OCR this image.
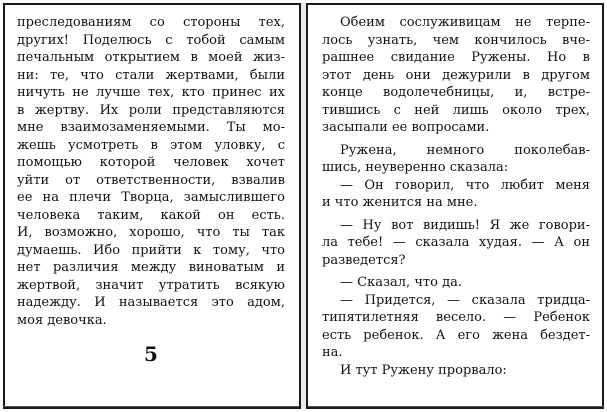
преследованиям со стороны тех,
других! Поделюсь с тобой самым
печальным открытием в моей жиз-
ни: те, что стали жертвами, были
ничуть не лучше тех, кто принес их
в жертву. Их роли представляются
мне взаимозаменяемыми. Ты мо-
жешь усмотреть в этом уловку, с
помощью которой человек хочет
уйти от ответственности, взвалив
ее на плечи Творца, замыслившего
человека таким, какой он есть.
И, возможно, хорошо, что ты так
думаешь. Ибо прийти к тому, что
нет различия между виноватым и
жертвой, значит утратить всякую
надежду. И называется это адом,
моя девочка.
5
Обеим сослуживицам не терпе-
лось узнать, чем кончилось вче-
рашнее свидание Ружены. Но в
этот день они дежурили в другом
конце водолечебницы, и, встре-
тившись с ней лишь около трех,
засыпали ее вопросами.
Ружена, немного поколебав-
шись, неуверенно сказала:
— Он говорил, что любит меня
и что женится на мне.
— Ну вот видишь! Я же говори-
ла тебе! — сказала худая. — А он
разведется?
— Сказал, что да.
— Придется, — сказала тридца-
типятилетняя весело. — Ребенок
есть ребенок. А его жена бездет-
на.
И тут Ружену прорвало:
